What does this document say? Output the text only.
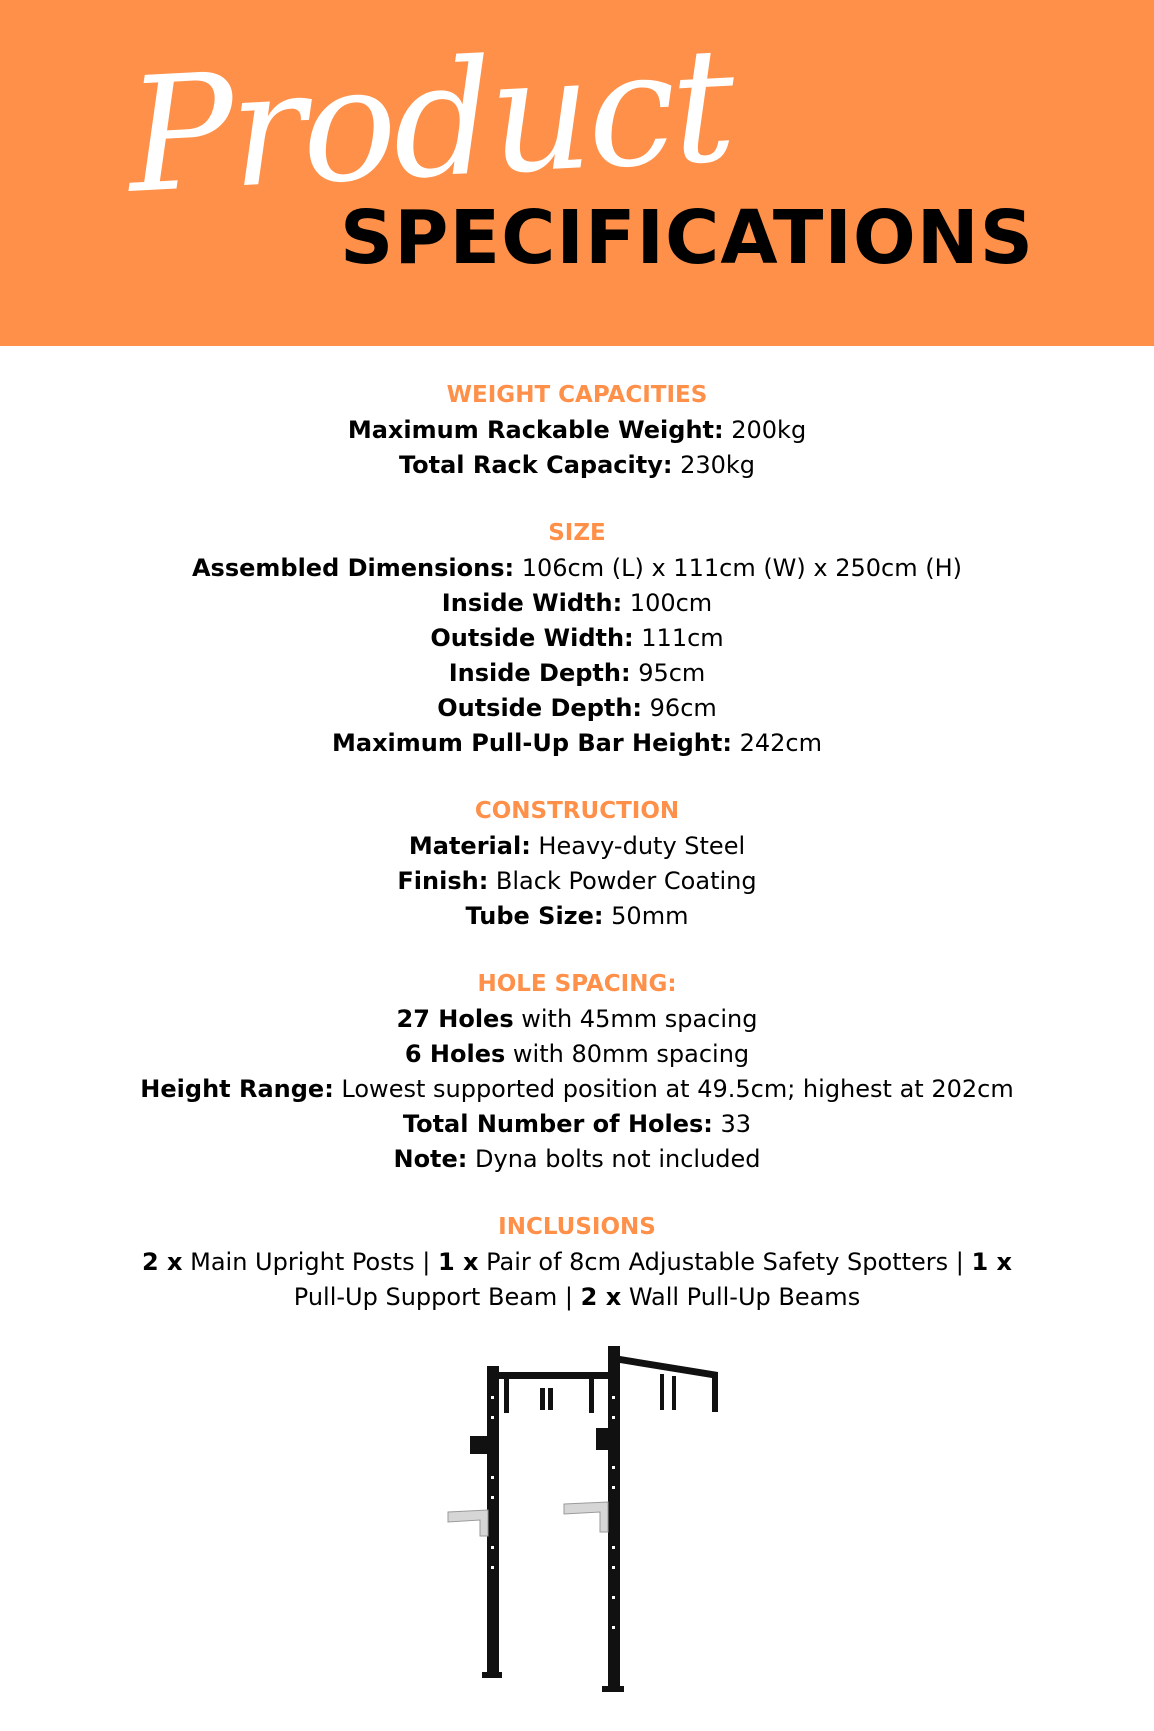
Product
SPECIFICATIONS
WEIGHT CAPACITIES

Maximum Rackable Weight: 200kg

Total Rack Capacity: 230kg

SIZE

Assembled Dimensions: 106cm (L) x 111cm (W) x 250cm (H)

Inside Width: 100cm

Outside Width: 111cm

Inside Depth: 95cm

Outside Depth: 96cm

Maximum Pull-Up Bar Height: 242cm

CONSTRUCTION

Material: Heavy-duty Steel

Finish: Black Powder Coating

Tube Size: 50mm

HOLE SPACING:

27 Holes with 45mm spacing

6 Holes with 80mm spacing

Height Range: Lowest supported position at 49.5cm; highest at 202cm

Total Number of Holes: 33

Note: Dyna bolts not included

INCLUSIONS
2 x Main Upright Posts | 1 x Pair of 8cm Adjustable Safety Spotters | 1 x Pull-Up Support Beam | 2 x Wall Pull-Up Beams
